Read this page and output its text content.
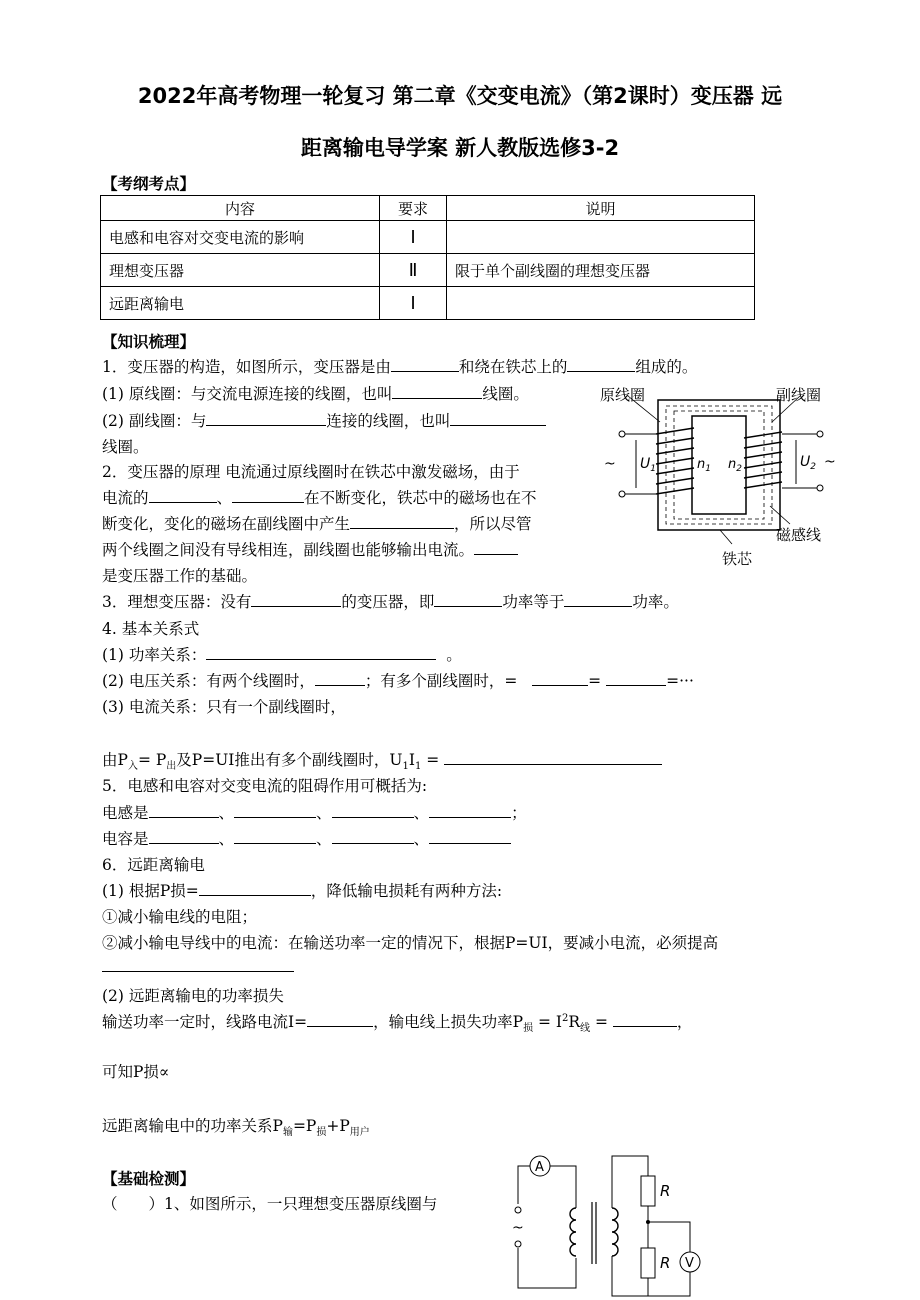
2022年高考物理一轮复习 第二章《交变电流》（第2课时）变压器 远
距离输电导学案 新人教版选修3-2
【考纲考点】
内容	要求	说明
电感和电容对交变电流的影响	Ⅰ	
理想变压器	Ⅱ	限于单个副线圈的理想变压器
远距离输电	Ⅰ	
【知识梳理】
1．变压器的构造，如图所示，变压器是由	和绕在铁芯上的	组成的。
(1) 原线圈：与交流电源连接的线圈，也叫	线圈。
(2) 副线圈：与	连接的线圈，也叫
线圈。
2．变压器的原理 电流通过原线圈时在铁芯中激发磁场，由于
电流的	、	在不断变化，铁芯中的磁场也在不
断变化，变化的磁场在副线圈中产生	，所以尽管
两个线圈之间没有导线相连，副线圈也能够输出电流。
是变压器工作的基础。
3．理想变压器：没有	的变压器，即	功率等于	功率。
4. 基本关系式
(1) 功率关系：	。
(2) 电压关系：有两个线圈时，	；有多个副线圈时，=	=	=···
(3) 电流关系：只有一个副线圈时，
由$P_入= P_出$及P=UI推出有多个副线圈时，$U_1I_1$ =
5．电感和电容对交变电流的阻碍作用可概括为:
电感是	、	、	、	；
电容是	、	、	、
6．远距离输电
(1) 根据P损=	，降低输电损耗有两种方法:
①减小输电线的电阻；
②减小输电导线中的电流：在输送功率一定的情况下，根据P=UI，要减小电流，必须提高
(2) 远距离输电的功率损失
输送功率一定时，线路电流I=	，输电线上损失功率$P_损 = I^2R_线$ =	，
可知P损∝
远距离输电中的功率关系$P_输=P_损+P_{用户}$
【基础检测】
（　　）1、如图所示，一只理想变压器原线圈与
原线圈	副线圈
~ $U_1$	$U_2$ ~
$n_1$ $n_2$
磁感线
铁芯
A
~
R
R V
